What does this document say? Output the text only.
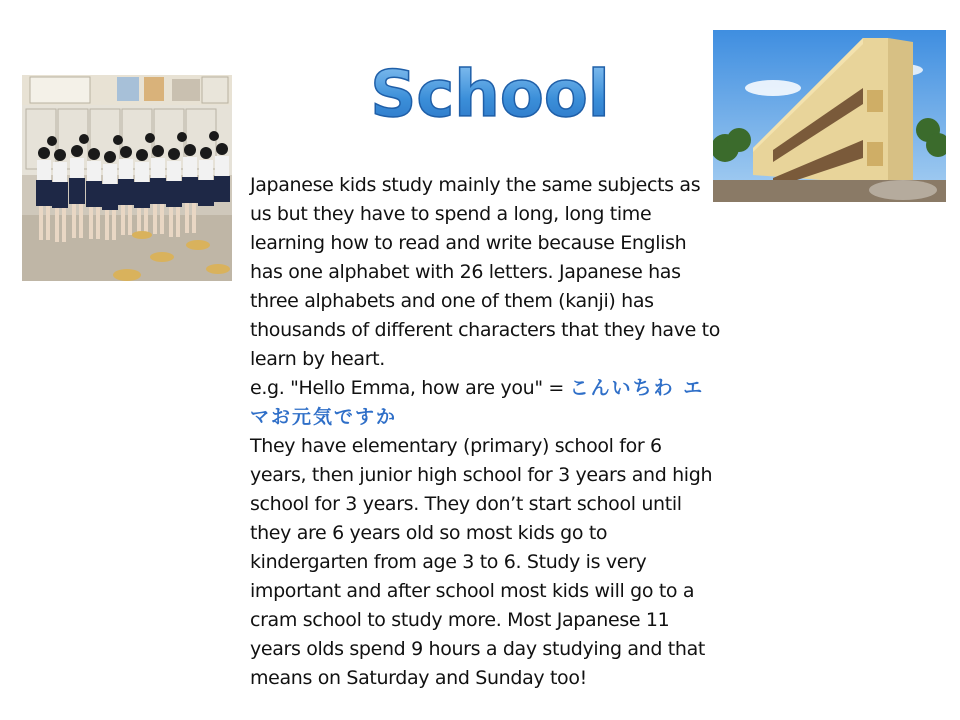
School

Japanese kids study mainly the same subjects as us but they have to spend a long, long time learning how to read and write because English has one alphabet with 26 letters. Japanese has three alphabets and one of them (kanji) has thousands of different characters that they have to learn by heart.

e.g. "Hello Emma, how are you" = こんいちわ エマお元気ですか

They have elementary (primary) school for 6 years, then junior high school for 3 years and high school for 3 years. They don’t start school until they are 6 years old so most kids go to kindergarten from age 3 to 6. Study is very important and after school most kids will go to a cram school to study more. Most Japanese 11 years olds spend 9 hours a day studying and that means on Saturday and Sunday too!
